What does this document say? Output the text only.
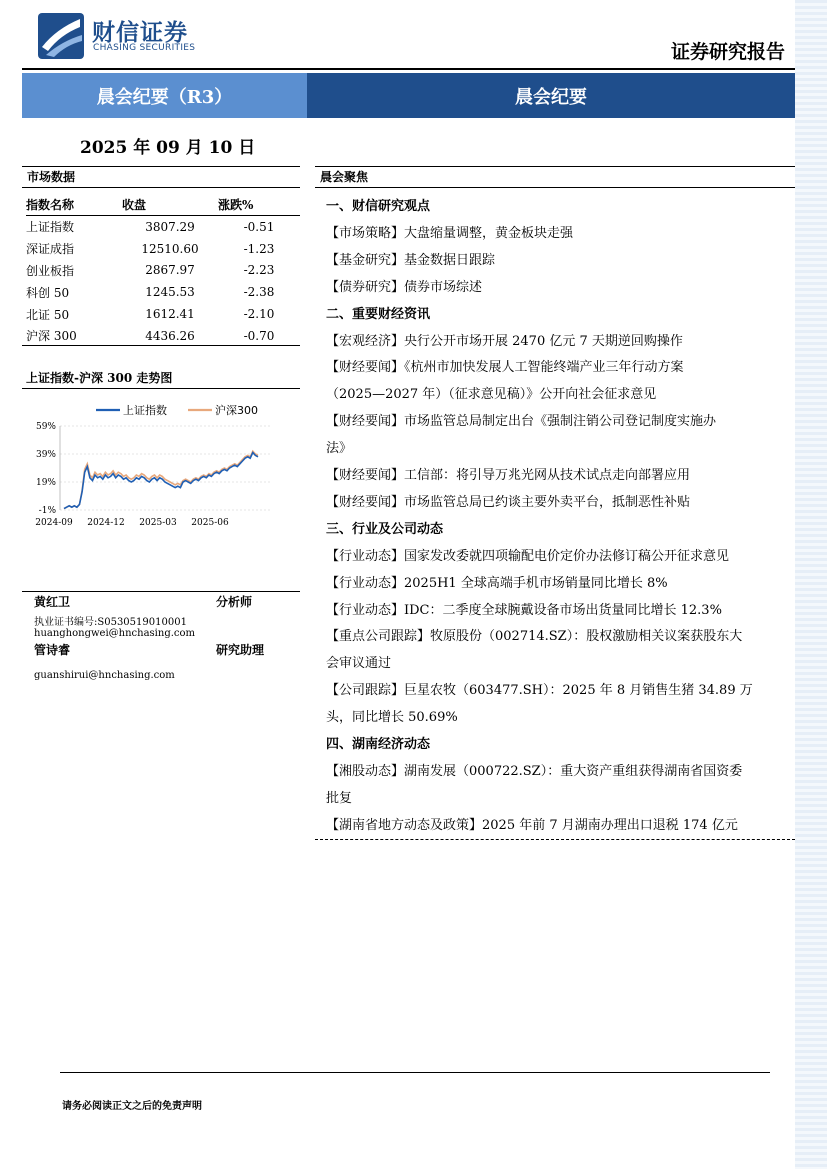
财信证券
CHASING SECURITIES	证券研究报告
晨会纪要（R3）	晨会纪要
2025 年 09 月 10 日
市场数据
指数名称	收盘	涨跌%
上证指数	3807.29	-0.51
深证成指	12510.60	-1.23
创业板指	2867.97	-2.23
科创 50	1245.53	-2.38
北证 50	1612.41	-2.10
沪深 300	4436.26	-0.70
上证指数-沪深 300 走势图
59%
39%
19%
-1%
2024-09 2024-12 2025-03 2025-06
上证指数	沪深300
黄红卫	分析师
执业证书编号:S0530519010001
huanghongwei@hnchasing.com
管诗睿	研究助理
guanshirui@hnchasing.com
晨会聚焦
一、财信研究观点
【市场策略】大盘缩量调整，黄金板块走强
【基金研究】基金数据日跟踪
【债券研究】债券市场综述
二、重要财经资讯
【宏观经济】央行公开市场开展 2470 亿元 7 天期逆回购操作
【财经要闻】《杭州市加快发展人工智能终端产业三年行动方案
（2025—2027 年）（征求意见稿）》公开向社会征求意见
【财经要闻】市场监管总局制定出台《强制注销公司登记制度实施办
法》
【财经要闻】工信部：将引导万兆光网从技术试点走向部署应用
【财经要闻】市场监管总局已约谈主要外卖平台，抵制恶性补贴
三、行业及公司动态
【行业动态】国家发改委就四项输配电价定价办法修订稿公开征求意见
【行业动态】2025H1 全球高端手机市场销量同比增长 8%
【行业动态】IDC：二季度全球腕戴设备市场出货量同比增长 12.3%
【重点公司跟踪】牧原股份（002714.SZ）：股权激励相关议案获股东大
会审议通过
【公司跟踪】巨星农牧（603477.SH）：2025 年 8 月销售生猪 34.89 万
头，同比增长 50.69%
四、湖南经济动态
【湘股动态】湖南发展（000722.SZ）：重大资产重组获得湖南省国资委
批复
【湖南省地方动态及政策】2025 年前 7 月湖南办理出口退税 174 亿元
请务必阅读正文之后的免责声明
